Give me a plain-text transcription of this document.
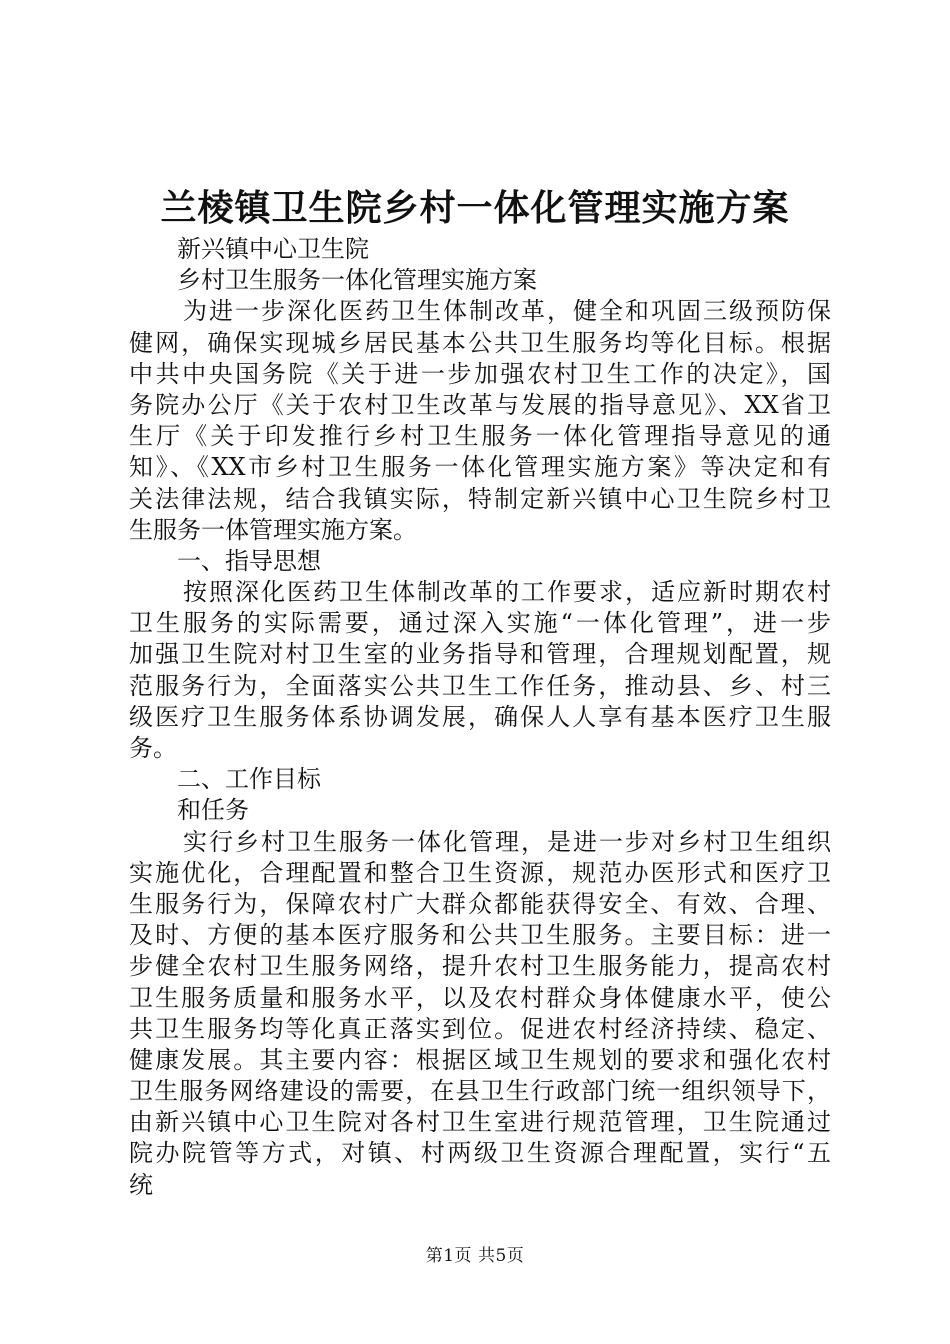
兰棱镇卫生院乡村一体化管理实施方案
新兴镇中心卫生院
乡村卫生服务一体化管理实施方案
为进一步深化医药卫生体制改革，健全和巩固三级预防保
健网，确保实现城乡居民基本公共卫生服务均等化目标。根据
中共中央国务院《关于进一步加强农村卫生工作的决定》，国
务院办公厅《关于农村卫生改革与发展的指导意见》、XX省卫
生厅《关于印发推行乡村卫生服务一体化管理指导意见的通
知》、《XX市乡村卫生服务一体化管理实施方案》等决定和有
关法律法规，结合我镇实际，特制定新兴镇中心卫生院乡村卫
生服务一体管理实施方案。
一、指导思想
按照深化医药卫生体制改革的工作要求，适应新时期农村
卫生服务的实际需要，通过深入实施“一体化管理”，进一步
加强卫生院对村卫生室的业务指导和管理，合理规划配置，规
范服务行为，全面落实公共卫生工作任务，推动县、乡、村三
级医疗卫生服务体系协调发展，确保人人享有基本医疗卫生服
务。
二、工作目标
和任务
实行乡村卫生服务一体化管理，是进一步对乡村卫生组织
实施优化，合理配置和整合卫生资源，规范办医形式和医疗卫
生服务行为，保障农村广大群众都能获得安全、有效、合理、
及时、方便的基本医疗服务和公共卫生服务。主要目标：进一
步健全农村卫生服务网络，提升农村卫生服务能力，提高农村
卫生服务质量和服务水平，以及农村群众身体健康水平，使公
共卫生服务均等化真正落实到位。促进农村经济持续、稳定、
健康发展。其主要内容：根据区域卫生规划的要求和强化农村
卫生服务网络建设的需要，在县卫生行政部门统一组织领导下，
由新兴镇中心卫生院对各村卫生室进行规范管理，卫生院通过
院办院管等方式，对镇、村两级卫生资源合理配置，实行“五
统
第1页 共5页
